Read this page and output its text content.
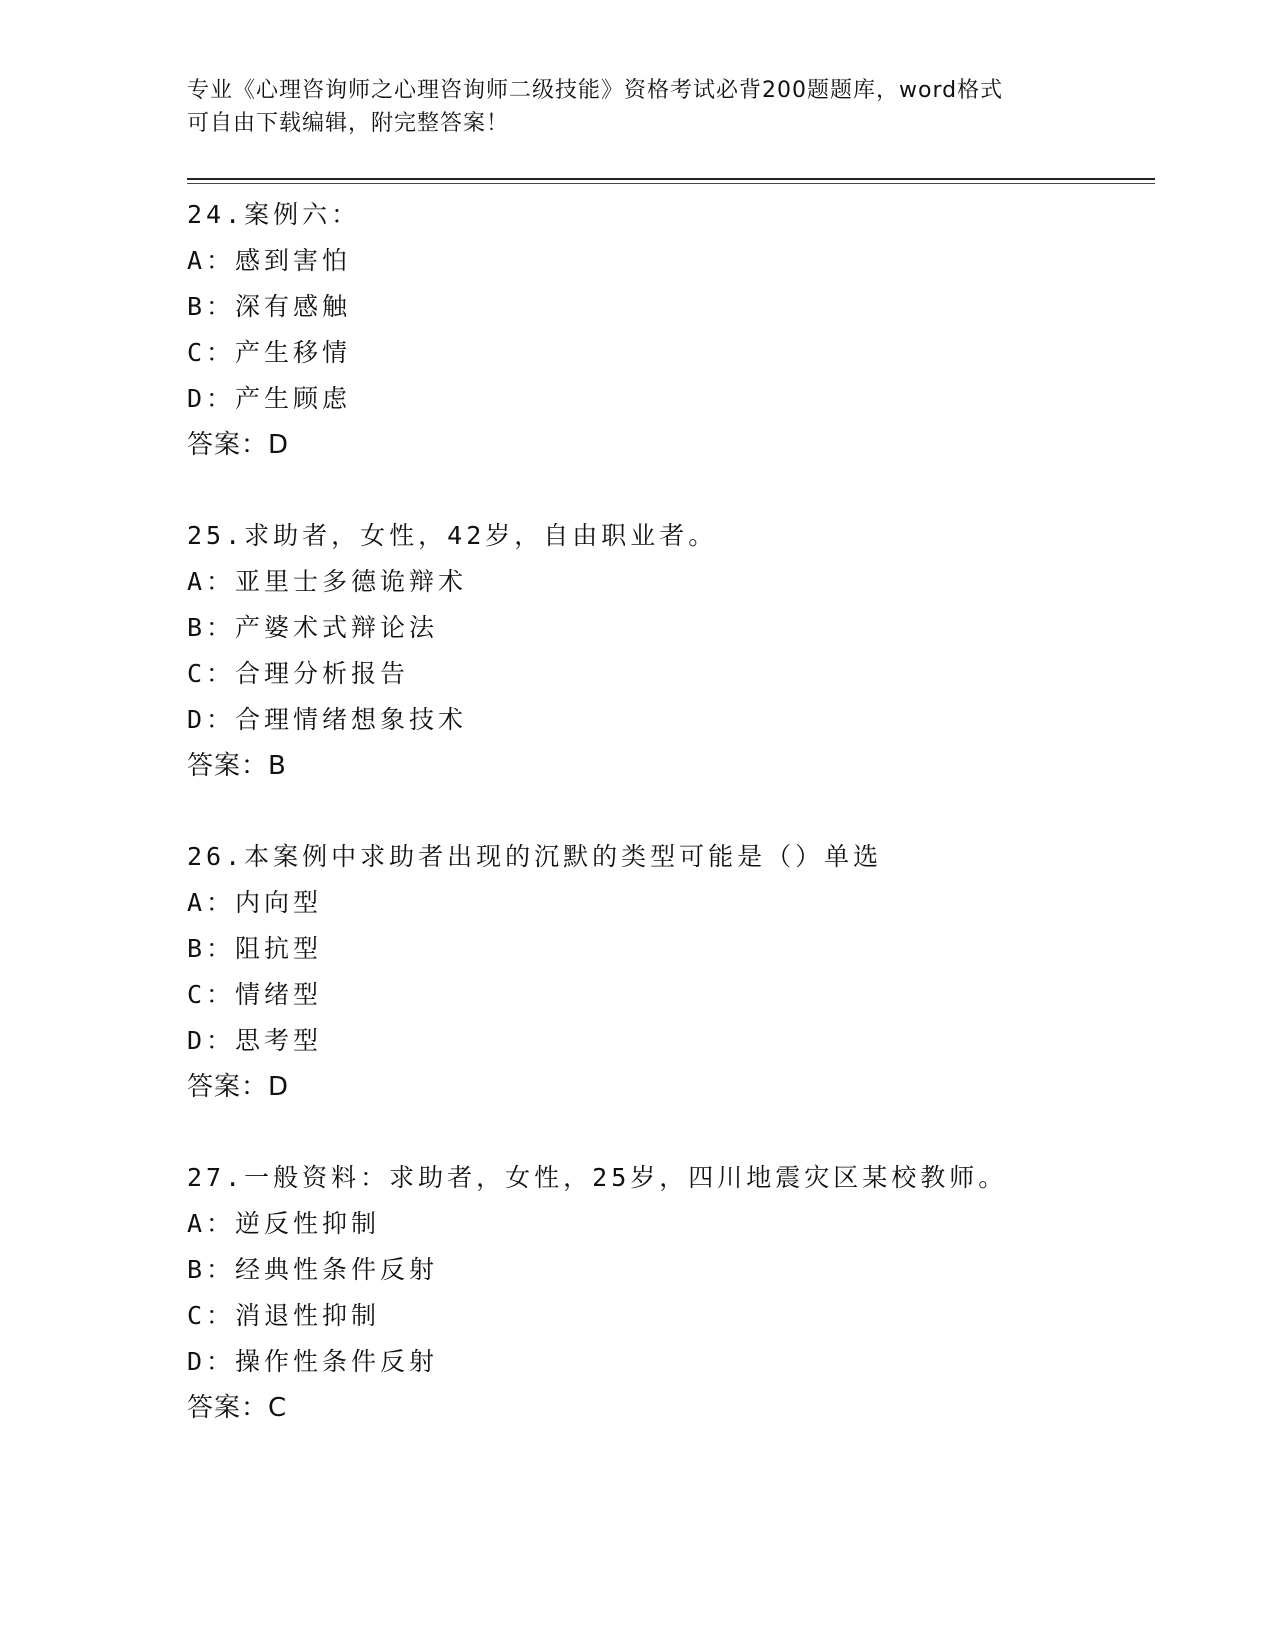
专业《心理咨询师之心理咨询师二级技能》资格考试必背200题题库，word格式
可自由下载编辑，附完整答案！
24.案例六：
A：感到害怕
B：深有感触
C：产生移情
D：产生顾虑
答案：D
25.求助者，女性，42岁，自由职业者。
A：亚里士多德诡辩术
B：产婆术式辩论法
C：合理分析报告
D：合理情绪想象技术
答案：B
26.本案例中求助者出现的沉默的类型可能是（）单选
A：内向型
B：阻抗型
C：情绪型
D：思考型
答案：D
27.一般资料：求助者，女性，25岁，四川地震灾区某校教师。
A：逆反性抑制
B：经典性条件反射
C：消退性抑制
D：操作性条件反射
答案：C
